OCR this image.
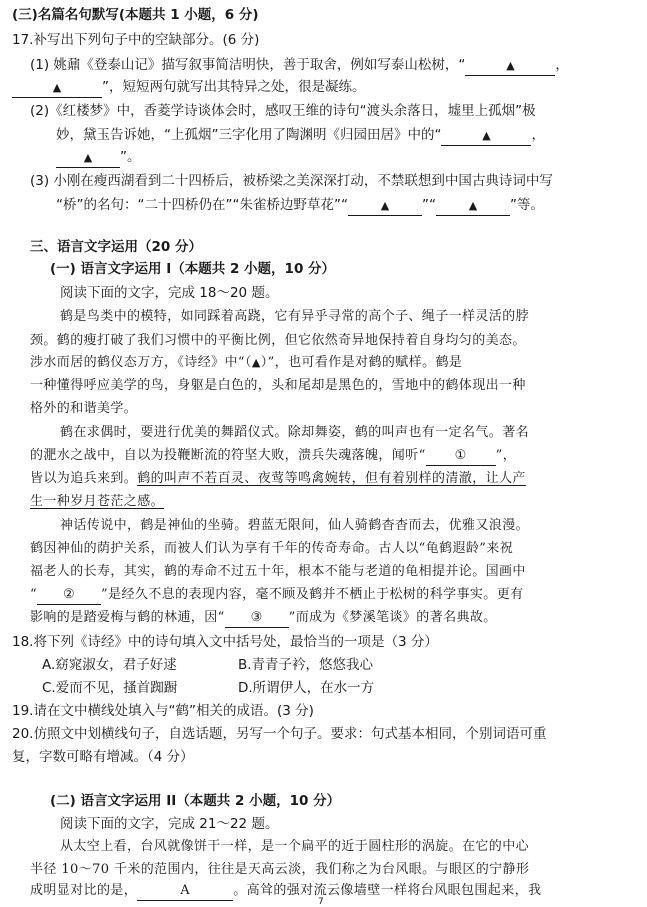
(三)名篇名句默写(本题共 1 小题，6 分)
17.补写出下列句子中的空缺部分。(6 分)
(1) 姚鼐《登泰山记》描写叙事简洁明快，善于取舍，例如写泰山松树，“	▲	，
▲	”，短短两句就写出其特异之处，很是凝练。
(2)《红楼梦》中，香菱学诗谈体会时，感叹王维的诗句“渡头余落日，墟里上孤烟”极
妙，黛玉告诉她，“上孤烟”三字化用了陶渊明《归园田居》中的“	▲	，
▲ ”。
(3) 小刚在瘦西湖看到二十四桥后，被桥梁之美深深打动，不禁联想到中国古典诗词中写
“桥”的名句：“二十四桥仍在”“朱雀桥边野草花”“	▲ ”“	▲ ”等。
三、语言文字运用（20 分）
(一) 语言文字运用 I（本题共 2 小题，10 分）
阅读下面的文字，完成 18～20 题。
鹤是鸟类中的模特，如同踩着高跷，它有异乎寻常的高个子、绳子一样灵活的脖
颈。鹤的瘦打破了我们习惯中的平衡比例，但它依然奇异地保持着自身均匀的美态。
涉水而居的鹤仪态万方，《诗经》中“（▲）”，也可看作是对鹤的赋样。鹤是
一种懂得呼应美学的鸟，身躯是白色的，头和尾却是黑色的，雪地中的鹤体现出一种
格外的和谐美学。
鹤在求偶时，要进行优美的舞蹈仪式。除却舞姿，鹤的叫声也有一定名气。著名
的淝水之战中，自以为投鞭断流的符坚大败，溃兵失魂落魄，闻听“ ① ”，
皆以为追兵来到。鹤的叫声不若百灵、夜莺等鸣禽婉转，但有着别样的清澈，让人产
生一种岁月苍茫之感。
神话传说中，鹤是神仙的坐骑。碧蓝无限间，仙人骑鹤杳杳而去，优雅又浪漫。
鹤因神仙的荫护关系，而被人们认为享有千年的传奇寿命。古人以“龟鹤遐龄”来祝
福老人的长寿，其实，鹤的寿命不过五十年，根本不能与老道的龟相提并论。国画中
“ ② ”是经久不息的表现内容，毫不顾及鹤并不栖止于松树的科学事实。更有
影响的是踏爱梅与鹤的林逋，因“ ③ ”而成为《梦溪笔谈》的著名典故。
18.将下列《诗经》中的诗句填入文中括号处，最恰当的一项是（3 分）
A.窈窕淑女，君子好逑	B.青青子衿，悠悠我心
C.爱而不见，搔首踟蹰	D.所谓伊人，在水一方
19.请在文中横线处填入与“鹤”相关的成语。(3 分)
20.仿照文中划横线句子，自选话题，另写一个句子。要求：句式基本相同，个别词语可重
复，字数可略有增减。（4 分）
(二) 语言文字运用 II（本题共 2 小题，10 分）
阅读下面的文字，完成 21～22 题。
从太空上看，台风就像饼干一样，是一个扁平的近于圆柱形的涡旋。在它的中心
半径 10～70 千米的范围内，往往是天高云淡，我们称之为台风眼。与眼区的宁静形
成明显对比的是，	A	。高耸的强对流云像墙壁一样将台风眼包围起来，我
7
